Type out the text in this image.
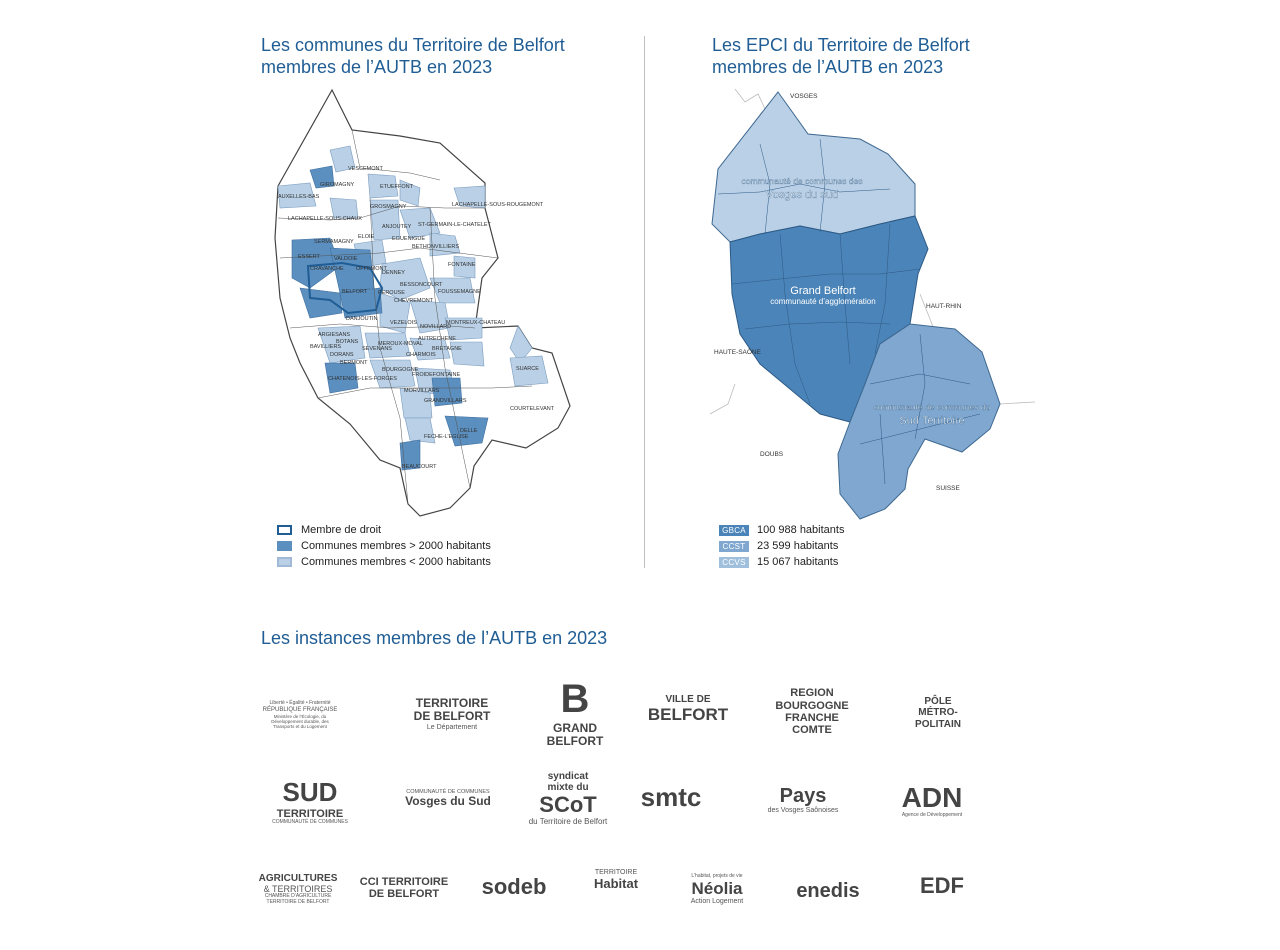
Les communes du Territoire de Belfort
membres de l’AUTB en 2023
VESCEMONT
GIROMAGNY
AUXELLES-BAS
ETUEFFONT
GROSMAGNY	LACHAPELLE-SOUS-ROUGEMONT
LACHAPELLE-SOUS-CHAUX
ST-GERMAIN-LE-CHATELET
ANJOUTEY
ELOIE	EGUENIGUE
SERMAMAGNY
BETHONVILLIERS
ESSERT	VALDOIE
OFFEMONT
DENNEY
FONTAINE
CRAVANCHE
BESSONCOURT
BELFORT	FOUSSEMAGNE
PEROUSE
CHEVREMONT
DANJOUTIN
VEZELOIS	MONTREUX-CHATEAU
NOVILLARD
ARGIESANS
BOTANS	MEROUX-MOVAL
AUTRECHENE
BAVILLIERS
DORANS
SEVENANS	BRETAGNE
CHARMOIS
BERMONT
SUARCE
BOURGOGNE
FROIDEFONTAINE
CHATENOIS-LES-FORGES
MORVILLARS
COURTELEVANT
GRANDVILLARS
DELLE
FECHE-L'EGLISE
BEAUCOURT
Membre de droit
Communes membres > 2000 habitants
Communes membres < 2000 habitants
Les EPCI du Territoire de Belfort
membres de l’AUTB en 2023
communauté de communes des
Vosges du sud
Grand Belfort
communauté d’agglomération
communauté de communes du
Sud Territoire
VOSGES
HAUT-RHIN
HAUTE-SAÔNE
DOUBS
SUISSE
GBCA 100 988 habitants
CCST	23 599 habitants
CCVS 15 067 habitants
Les instances membres de l’AUTB en 2023
Liberté • Égalité • Fraternité
RÉPUBLIQUE FRANÇAISE
Ministère de l’Écologie, du Développement durable, des Transports et du Logement
TERRITOIRE
DE BELFORT
Le Département
B
GRAND
BELFORT
VILLE DE
BELFORT
REGION
BOURGOGNE
FRANCHE
COMTE
PÔLE
MÉTRO-
POLITAIN
SUD
TERRITOIRE
COMMUNAUTÉ DE COMMUNES
COMMUNAUTÉ DE COMMUNES
Vosges du Sud
syndicat
mixte du
SCoT
du Territoire de Belfort
smtc	Pays
des Vosges Saônoises ADN
Agence de Développement
AGRICULTURES
& TERRITOIRES
CHAMBRE D’AGRICULTURE
TERRITOIRE DE BELFORT
CCI TERRITOIRE
DE BELFORT sodeb
TERRITOIRE
Habitat	L’habitat, projets de vie
Néolia
Action Logement
enedis	EDF
